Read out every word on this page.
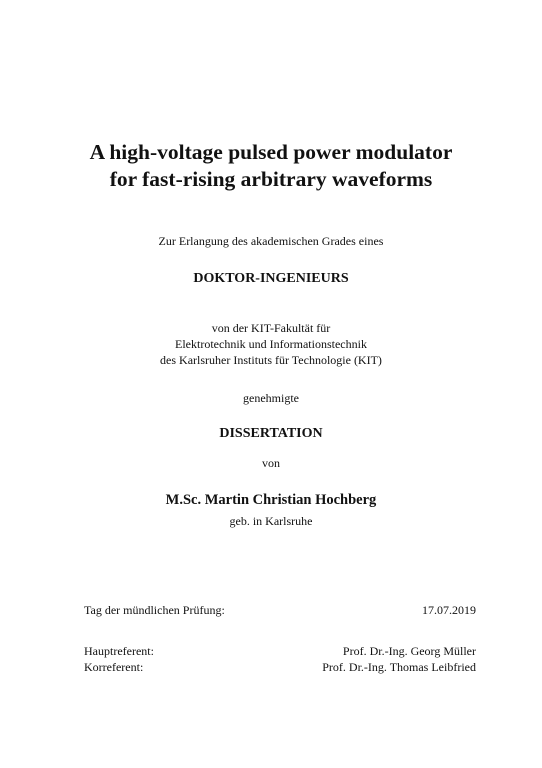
A high-voltage pulsed power modulator
for fast-rising arbitrary waveforms
Zur Erlangung des akademischen Grades eines
DOKTOR-INGENIEURS
von der KIT-Fakultät für
Elektrotechnik und Informationstechnik
des Karlsruher Instituts für Technologie (KIT)
genehmigte
DISSERTATION
von
M.Sc. Martin Christian Hochberg
geb. in Karlsruhe
Tag der mündlichen Prüfung:	17.07.2019
Hauptreferent:	Prof. Dr.-Ing. Georg Müller
Korreferent:	Prof. Dr.-Ing. Thomas Leibfried
